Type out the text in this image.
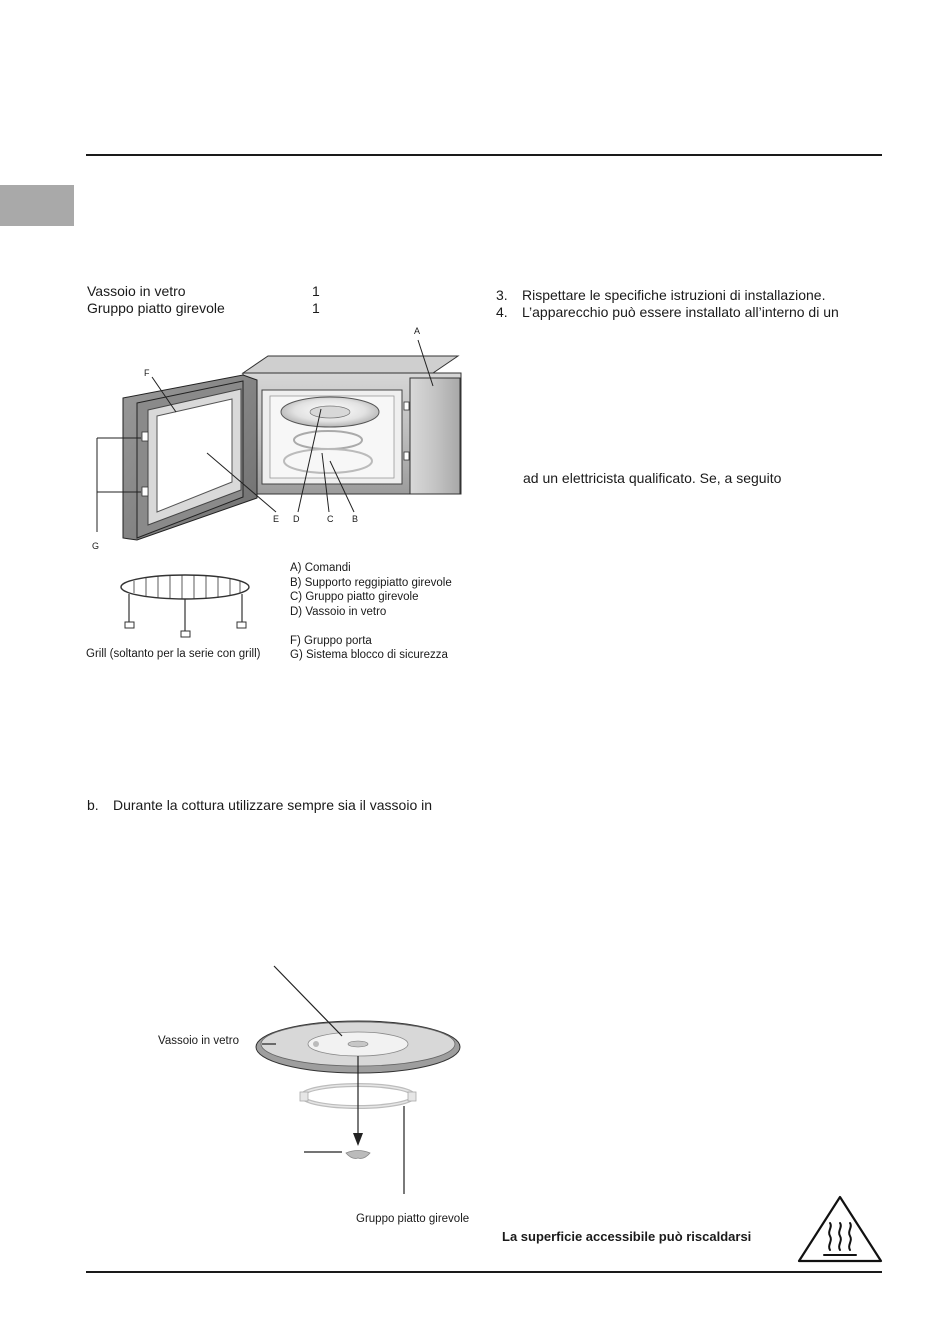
Vassoio in vetro	1
Gruppo piatto girevole	1
A
F
E D	C B
G
A) Comandi
B) Supporto reggipiatto girevole
C) Gruppo piatto girevole
D) Vassoio in vetro
F) Gruppo porta
G) Sistema blocco di sicurezza
Grill (soltanto per la serie con grill)
b. Durante la cottura utilizzare sempre sia il vassoio in
Vassoio in vetro
Gruppo piatto girevole
3. Rispettare le specifiche istruzioni di installazione.
4. L’apparecchio può essere installato all’interno di un
ad un elettricista qualificato. Se, a seguito
La superficie accessibile può riscaldarsi
